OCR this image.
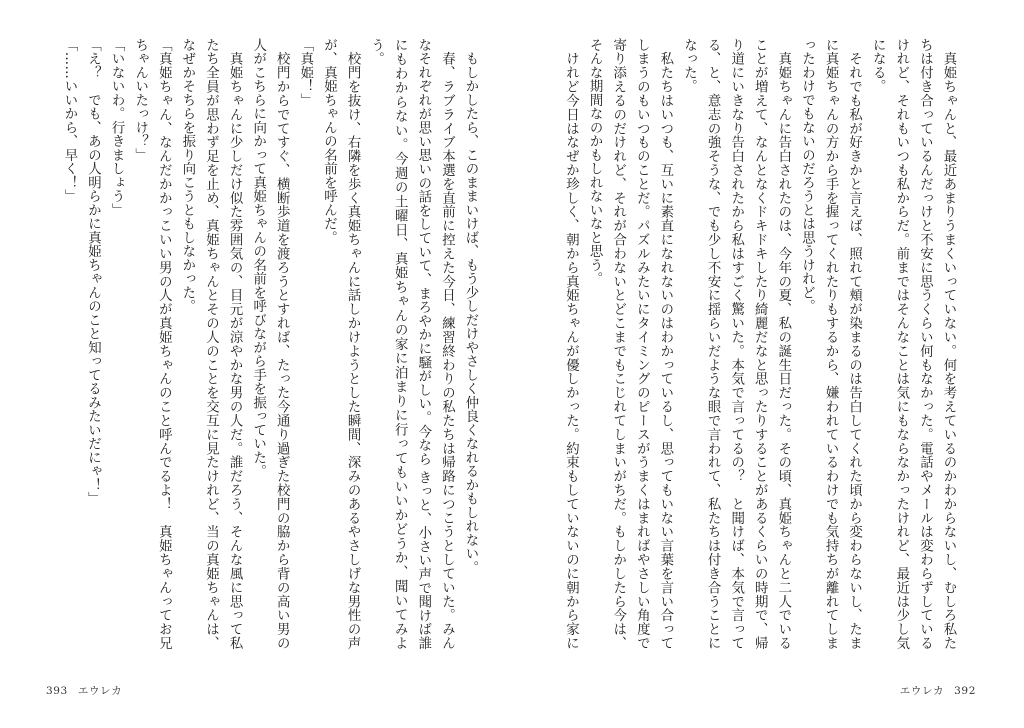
　もしかしたら、このままいけば、もう少しだけやさしく仲良くなれるかもしれない。

　春、ラブライブ本選を直前に控えた今日、練習終わりの私たちは帰路につこうとしていた。みんなそれぞれが思い思いの話をしていて、まろやかに騒がしい。今なら きっと、小さい声で聞けば誰にもわからない。今週の土曜日、真姫ちゃんの家に泊まりに行ってもいいかどうか、聞いてみよう。

　校門を抜け、右隣を歩く真姫ちゃんに話しかけようとした瞬間、深みのあるやさしげな男性の声が、真姫ちゃんの名前を呼んだ。

「真姫！」

　校門からでてすぐ、横断歩道を渡ろうとすれば、たった今通り過ぎた校門の脇から背の高い男の人がこちらに向かって真姫ちゃんの名前を呼びながら手を振っていた。

　真姫ちゃんに少しだけ似た雰囲気の、目元が涼やかな男の人だ。誰だろう、そんな風に思って私たち全員が思わず足を止め、真姫ちゃんとその人のことを交互に見たけれど、当の真姫ちゃんは、なぜかそちらを振り向こうともしなかった。

「真姫ちゃん、なんだかかっこいい男の人が真姫ちゃんのこと呼んでるよ！　真姫ちゃんってお兄ちゃんいたっけ？」

「いないわ。行きましょう」

「え？　でも、あの人明らかに真姫ちゃんのこと知ってるみたいだにゃ！」

「……いいから、早く！」

393 エウレカ

　真姫ちゃんと、最近あまりうまくいっていない。何を考えているのかわからないし、むしろ私たちは付き合っているんだっけと不安に思うくらい何もなかった。電話やメールは変わらずしているけれど、それもいつも私からだ。前まではそんなことは気にもならなかったけれど、最近は少し気になる。

　それでも私が好きかと言えば、照れて頬が染まるのは告白してくれた頃から変わらないし、たまに真姫ちゃんの方から手を握ってくれたりもするから、嫌われているわけでも気持ちが離れてしまったわけでもないのだろうとは思うけれど。

　真姫ちゃんに告白されたのは、今年の夏、私の誕生日だった。その頃、真姫ちゃんと二人でいることが増えて、なんとなくドキドキしたり綺麗だなと思ったりすることがあるくらいの時期で、帰り道にいきなり告白されたから私はすごく驚いた。本気で言ってるの？　と聞けば、本気で言ってる、と、意志の強そうな、でも少し不安に揺らいだような眼で言われて、私たちは付き合うことになった。

　私たちはいつも、互いに素直になれないのはわかっているし、思ってもいない言葉を言い合ってしまうのもいつものことだ。パズルみたいにタイミングのピースがうまくはまればやさしい角度で寄り添えるのだけれど、それが合わないとどこまでもこじれてしまいがちだ。もしかしたら今は、そんな期間なのかもしれないなと思う。

　けれど今日はなぜか珍しく、朝から真姫ちゃんが優しかった。約束もしていないのに朝から家に

エウレカ 392
